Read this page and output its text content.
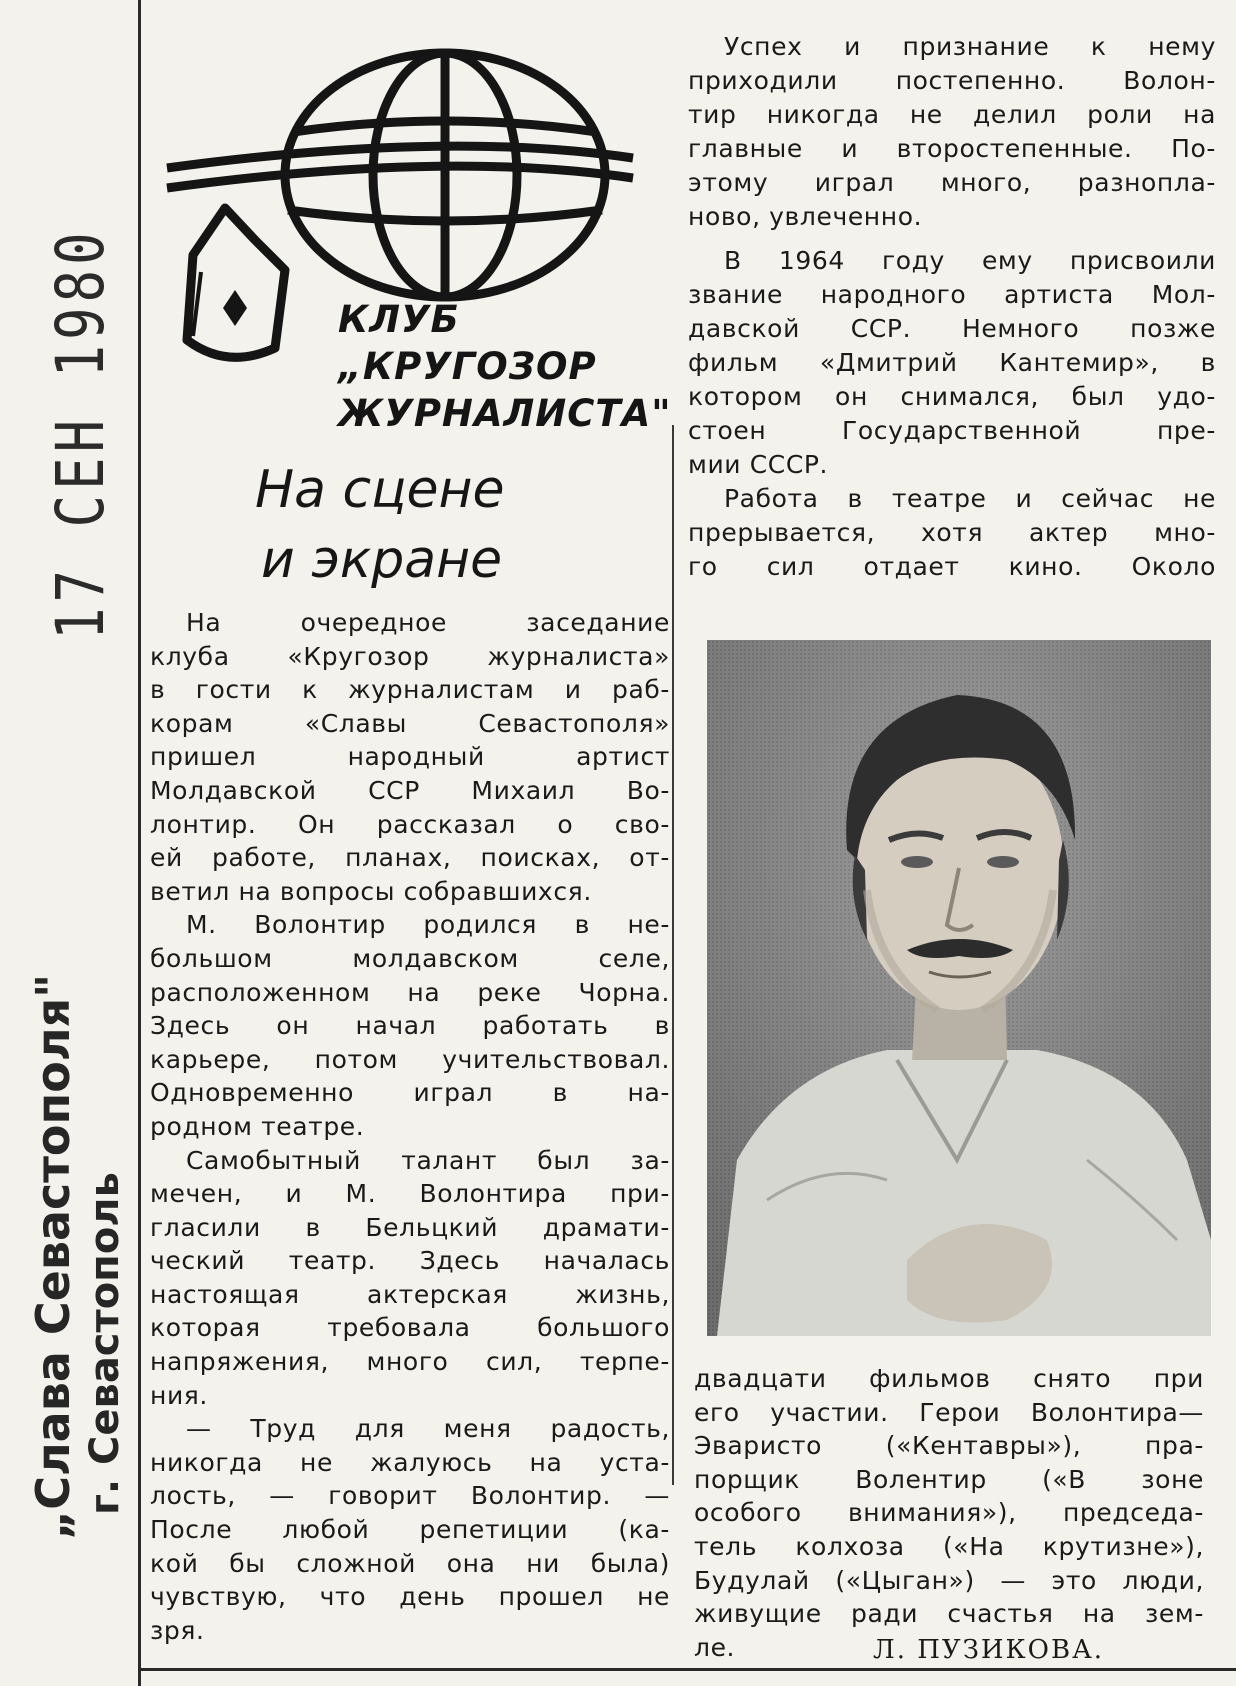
17 СЕН 1980
„Слава Севастополя" г. Севастополь
КЛУБ
„КРУГОЗОР
ЖУРНАЛИСТА"
На сцене
и экране
На очередное заседание
клуба «Кругозор журналиста»
в гости к журналистам и раб-
корам «Славы Севастополя»
пришел народный артист
Молдавской ССР Михаил Во-
лонтир. Он рассказал о сво-
ей работе, планах, поисках, от-
ветил на вопросы собравшихся.
М. Волонтир родился в не-
большом молдавском селе,
расположенном на реке Чорна.
Здесь он начал работать в
карьере, потом учительствовал.
Одновременно играл в на-
родном театре.
Самобытный талант был за-
мечен, и М. Волонтира при-
гласили в Бельцкий драмати-
ческий театр. Здесь началась
настоящая актерская жизнь,
которая требовала большого
напряжения, много сил, терпе-
ния.
— Труд для меня радость,
никогда не жалуюсь на уста-
лость, — говорит Волонтир. —
После любой репетиции (ка-
кой бы сложной она ни была)
чувствую, что день прошел не
зря.
Успех и признание к нему
приходили постепенно. Волон-
тир никогда не делил роли на
главные и второстепенные. По-
этому играл много, разнопла-
ново, увлеченно.
В 1964 году ему присвоили
звание народного артиста Мол-
давской ССР. Немного позже
фильм «Дмитрий Кантемир», в
котором он снимался, был удо-
стоен Государственной пре-
мии СССР.
Работа в театре и сейчас не
прерывается, хотя актер мно-
го сил отдает кино. Около
двадцати фильмов снято при
его участии. Герои Волонтира—
Эваристо («Кентавры»), пра-
порщик Волентир («В зоне
особого внимания»), председа-
тель колхоза («На крутизне»),
Будулай («Цыган») — это люди,
живущие ради счастья на зем-
ле.	Л. ПУЗИКОВА.
